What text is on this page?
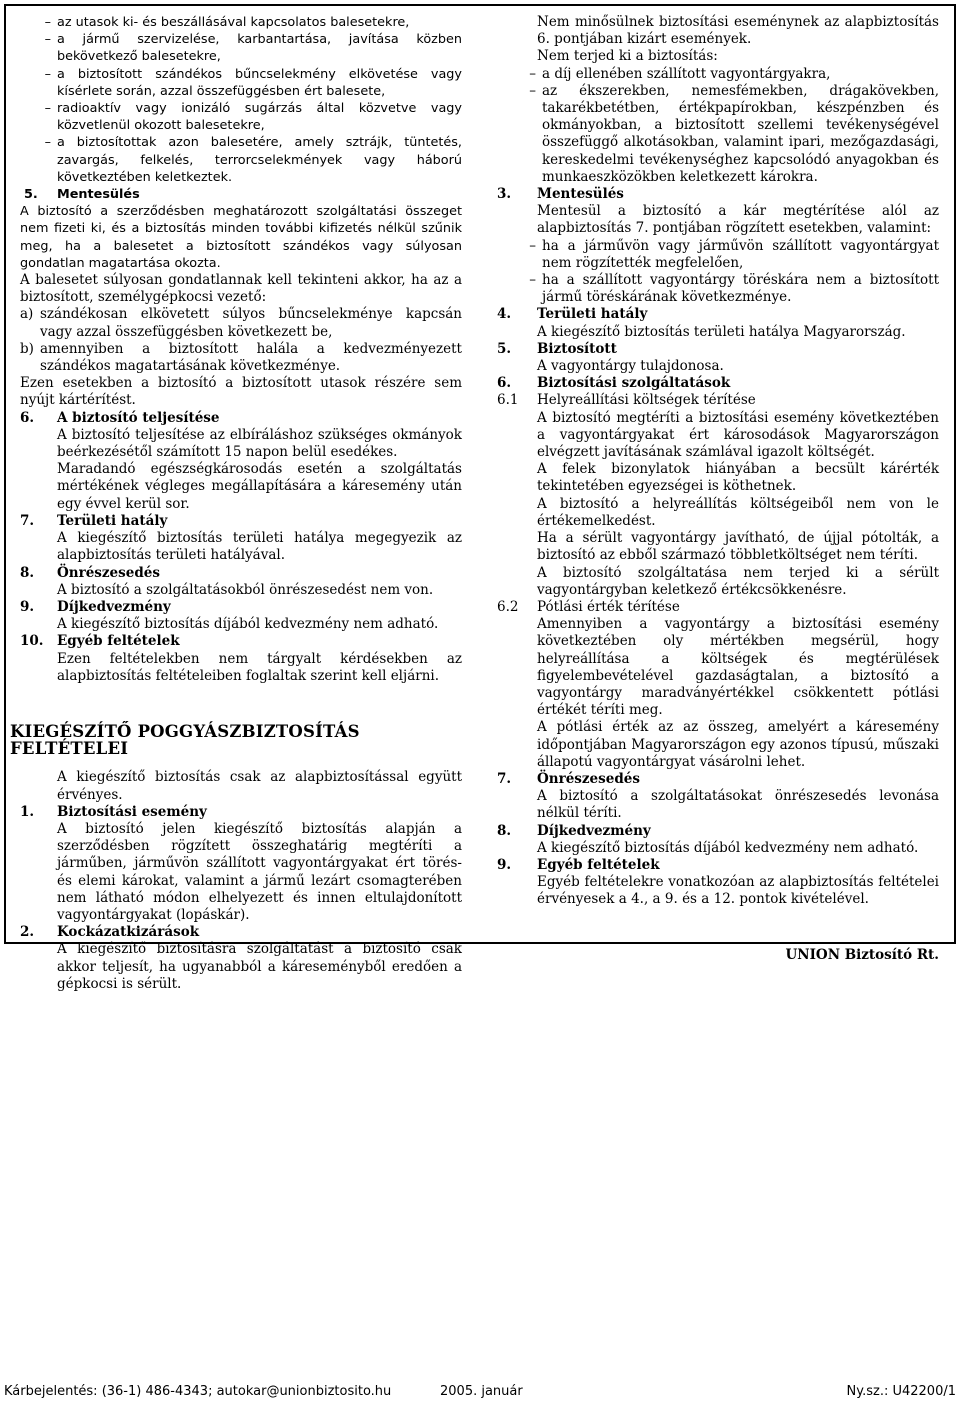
– az utasok ki- és beszállásával kapcsolatos balesetekre,
– a jármű szervizelése, karbantartása, javítása közben bekövetkező balesetekre,
– a biztosított szándékos bűncselekmény elkövetése vagy kísérlete során, azzal összefüggésben ért balesete,
– radioaktív vagy ionizáló sugárzás által közvetve vagy közvetlenül okozott balesetekre,
– a biztosítottak azon balesetére, amely sztrájk, tüntetés, zavargás, felkelés, terrorcselekmények vagy háború következtében keletkeztek.
5.	Mentesülés

A biztosító a szerződésben meghatározott szolgáltatási összeget nem fizeti ki, és a biztosítás minden további kifizetés nélkül szűnik meg, ha a balesetet a biztosított szándékos vagy súlyosan gondatlan magatartása okozta.

A balesetet súlyosan gondatlannak kell tekinteni akkor, ha az a biztosított, személygépkocsi vezető:

a) szándékosan elkövetett súlyos bűncselekménye kapcsán vagy azzal összefüggésben következett be,
b) amennyiben a biztosított halála a kedvezményezett szándékos magatartásának következménye.

Ezen esetekben a biztosító a biztosított utasok részére sem nyújt kártérítést.

6.	A biztosító teljesítése

A biztosító teljesítése az elbíráláshoz szükséges okmányok beérkezésétől számított 15 napon belül esedékes.

Maradandó egészségkárosodás esetén a szolgáltatás mértékének végleges megállapítására a káresemény után egy évvel kerül sor.

7.	Területi hatály

A kiegészítő biztosítás területi hatálya megegyezik az alapbiztosítás területi hatályával.

8.	Önrészesedés

A biztosító a szolgáltatásokból önrészesedést nem von.

9.	Díjkedvezmény

A kiegészítő biztosítás díjából kedvezmény nem adható.

10.	Egyéb feltételek

Ezen feltételekben nem tárgyalt kérdésekben az alapbiztosítás feltételeiben foglaltak szerint kell eljárni.

KIEGÉSZÍTŐ POGGYÁSZBIZTOSÍTÁS FELTÉTELEI

A kiegészítő biztosítás csak az alapbiztosítással együtt érvényes.

1.	Biztosítási esemény

A biztosító jelen kiegészítő biztosítás alapján a szerződésben rögzített összeghatárig megtéríti a járműben, járművön szállított vagyontárgyakat ért törés- és elemi károkat, valamint a jármű lezárt csomagterében nem látható módon elhelyezett és innen eltulajdonított vagyontárgyakat (lopáskár).

2.	Kockázatkizárások

A kiegészítő biztosításra szolgáltatást a biztosító csak akkor teljesít, ha ugyanabból a káreseményből eredően a gépkocsi is sérült.

Nem minősülnek biztosítási eseménynek az alapbiztosítás 6. pontjában kizárt események.

Nem terjed ki a biztosítás:

– a díj ellenében szállított vagyontárgyakra,
– az ékszerekben, nemesfémekben, drágakövekben, takarékbetétben, értékpapírokban, készpénzben és okmányokban, a biztosított szellemi tevékenységével összefüggő alkotásokban, valamint ipari, mezőgazdasági, kereskedelmi tevékenységhez kapcsolódó anyagokban és munkaeszközökben keletkezett károkra.
3.	Mentesülés

Mentesül a biztosító a kár megtérítése alól az alapbiztosítás 7. pontjában rögzített esetekben, valamint:

– ha a járművön vagy járművön szállított vagyontárgyat nem rögzítették megfelelően,
– ha a szállított vagyontárgy töréskára nem a biztosított jármű töréskárának következménye.
4.	Területi hatály

A kiegészítő biztosítás területi hatálya Magyarország.

5.	Biztosított

A vagyontárgy tulajdonosa.

6.	Biztosítási szolgáltatások
6.1	Helyreállítási költségek térítése

A biztosító megtéríti a biztosítási esemény következtében a vagyontárgyakat ért károsodások Magyarországon elvégzett javításának számlával igazolt költségét.

A felek bizonylatok hiányában a becsült kárérték tekintetében egyezségei is köthetnek.

A biztosító a helyreállítás költségeiből nem von le értékemelkedést.

Ha a sérült vagyontárgy javítható, de újjal pótolták, a biztosító az ebből származó többletköltséget nem téríti.

A biztosító szolgáltatása nem terjed ki a sérült vagyontárgyban keletkező értékcsökkenésre.

6.2	Pótlási érték térítése

Amennyiben a vagyontárgy a biztosítási esemény következtében oly mértékben megsérül, hogy helyreállítása a költségek és megtérülések figyelembevételével gazdaságtalan, a biztosító a vagyontárgy maradványértékkel csökkentett pótlási értékét téríti meg.

A pótlási érték az az összeg, amelyért a káresemény időpontjában Magyarországon egy azonos típusú, műszaki állapotú vagyontárgyat vásárolni lehet.

7.	Önrészesedés

A biztosító a szolgáltatásokat önrészesedés levonása nélkül téríti.

8.	Díjkedvezmény

A kiegészítő biztosítás díjából kedvezmény nem adható.

9.	Egyéb feltételek

Egyéb feltételekre vonatkozóan az alapbiztosítás feltételei érvényesek a 4., a 9. és a 12. pontok kivételével.

UNION Biztosító Rt.
Kárbejelentés: (36-1) 486-4343; autokar@unionbiztosito.hu	2005. január	Ny.sz.: U42200/1
